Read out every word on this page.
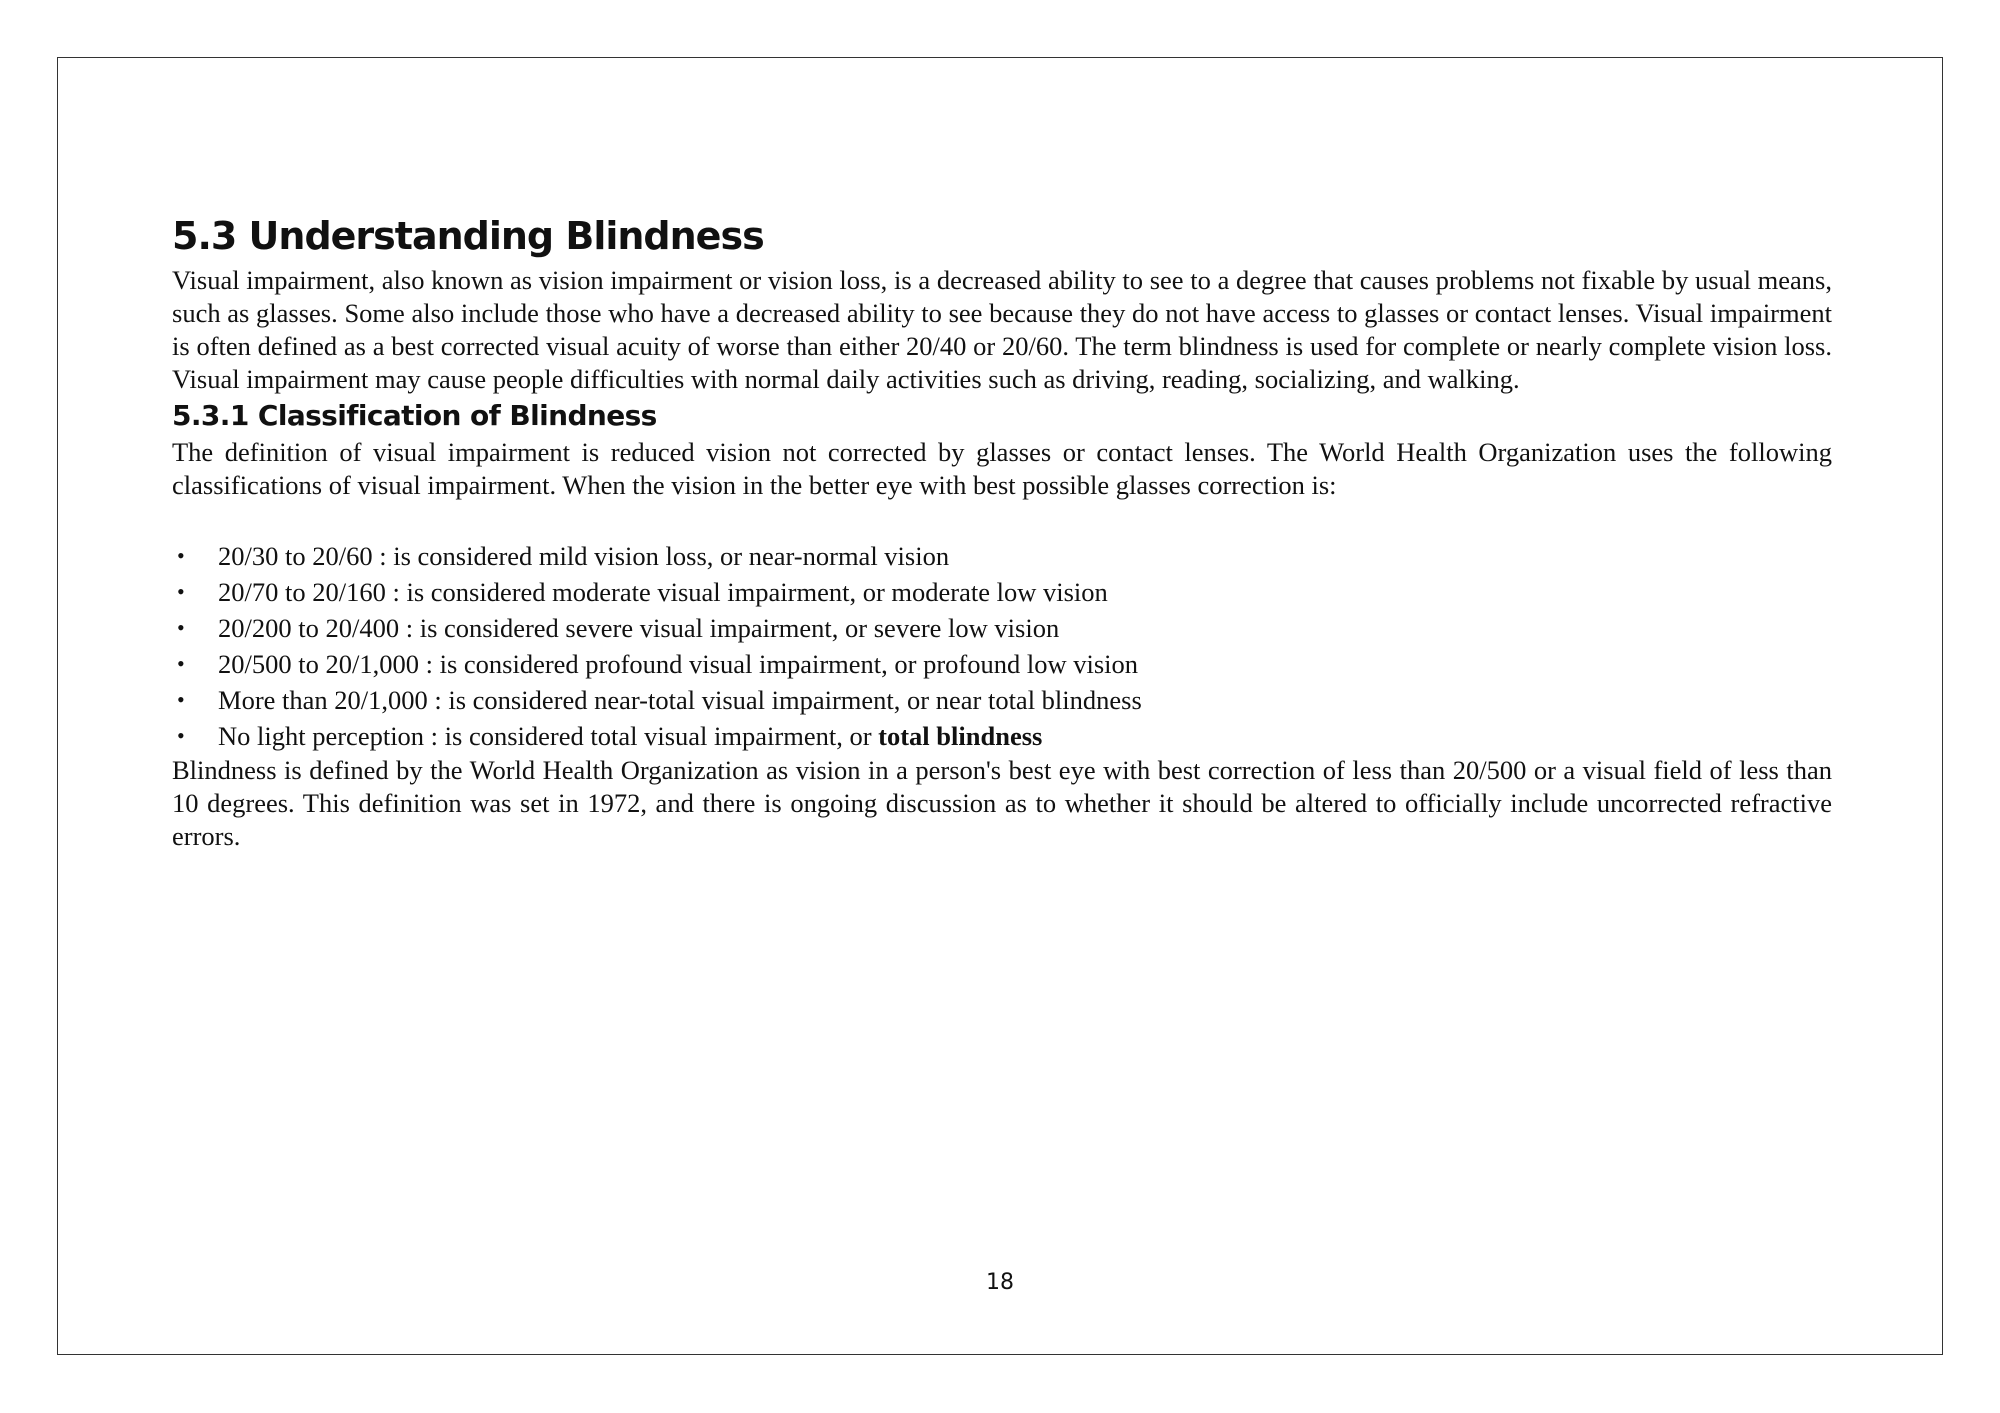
5.3 Understanding Blindness

Visual impairment, also known as vision impairment or vision loss, is a decreased ability to see to a degree that causes problems not fixable by usual means, such as glasses. Some also include those who have a decreased ability to see because they do not have access to glasses or contact lenses. Visual impairment is often defined as a best corrected visual acuity of worse than either 20/40 or 20/60. The term blindness is used for complete or nearly complete vision loss. Visual impairment may cause people difficulties with normal daily activities such as driving, reading, socializing, and walking.

5.3.1 Classification of Blindness

The definition of visual impairment is reduced vision not corrected by glasses or contact lenses. The World Health Organization uses the following classifications of visual impairment. When the vision in the better eye with best possible glasses correction is:

• 20/30 to 20/60 : is considered mild vision loss, or near-normal vision
• 20/70 to 20/160 : is considered moderate visual impairment, or moderate low vision
• 20/200 to 20/400 : is considered severe visual impairment, or severe low vision
• 20/500 to 20/1,000 : is considered profound visual impairment, or profound low vision
• More than 20/1,000 : is considered near-total visual impairment, or near total blindness
• No light perception : is considered total visual impairment, or total blindness

Blindness is defined by the World Health Organization as vision in a person's best eye with best correction of less than 20/500 or a visual field of less than 10 degrees. This definition was set in 1972, and there is ongoing discussion as to whether it should be altered to officially include uncorrected refractive errors.

18
